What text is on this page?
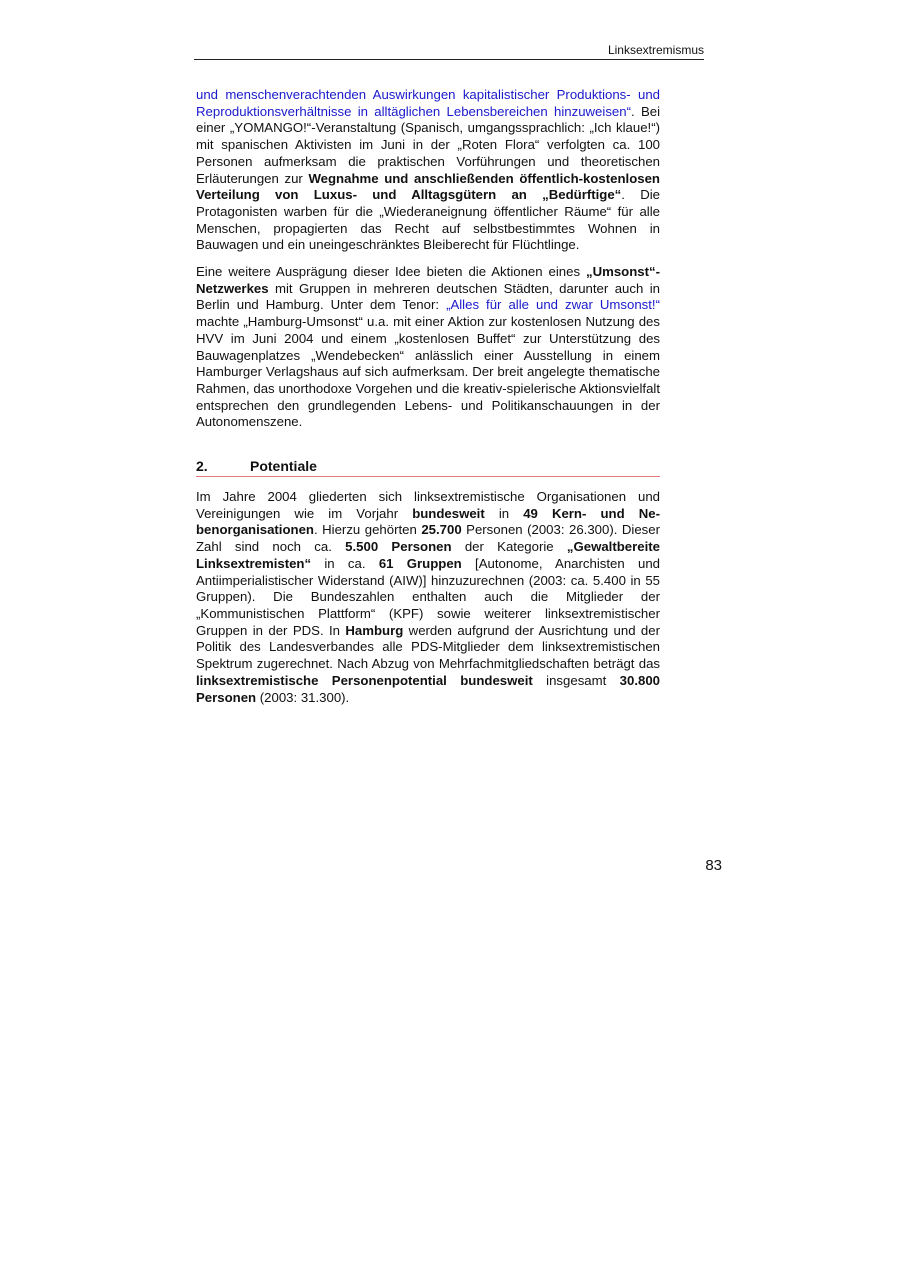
Linksextremismus

und menschenverachtenden Auswirkungen kapitalistischer Produktions- und Reproduktionsverhältnisse in alltäglichen Lebensbereichen hinzuweisen“. Bei einer „YOMANGO!“-Veranstaltung (Spanisch, umgangssprachlich: „Ich klaue!“) mit spanischen Aktivisten im Juni in der „Roten Flora“ verfolgten ca. 100 Personen aufmerksam die praktischen Vorführungen und theoretischen Erläuterungen zur Wegnahme und anschließenden öffentlich-kostenlosen Verteilung von Luxus- und Alltagsgütern an „Bedürftige“. Die Protagonisten warben für die „Wiederaneignung öffentlicher Räume“ für alle Menschen, propagierten das Recht auf selbstbestimmtes Wohnen in Bauwagen und ein uneingeschränktes Bleiberecht für Flüchtlinge.

Eine weitere Ausprägung dieser Idee bieten die Aktionen eines „Umsonst“-Netzwerkes mit Gruppen in mehreren deutschen Städten, darunter auch in Berlin und Hamburg. Unter dem Tenor: „Alles für alle und zwar Umsonst!“ machte „Hamburg-Umsonst“ u.a. mit einer Aktion zur kostenlosen Nutzung des HVV im Juni 2004 und einem „kostenlosen Buffet“ zur Unterstützung des Bauwagenplatzes „Wendebecken“ anlässlich einer Ausstellung in einem Hamburger Verlagshaus auf sich aufmerksam. Der breit angelegte thematische Rahmen, das unorthodoxe Vorgehen und die kreativ-spielerische Aktionsvielfalt entsprechen den grundlegenden Lebens- und Politikanschauungen in der Autonomenszene.

2.	Potentiale

Im Jahre 2004 gliederten sich linksextremistische Organisationen und Vereinigungen wie im Vorjahr bundesweit in 49 Kern- und Nebenorganisationen. Hierzu gehörten 25.700 Personen (2003: 26.300). Dieser Zahl sind noch ca. 5.500 Personen der Kategorie „Gewaltbereite Linksextremisten“ in ca. 61 Gruppen [Autonome, Anarchisten und Antiimperialistischer Widerstand (AIW)] hinzuzurechnen (2003: ca. 5.400 in 55 Gruppen). Die Bundeszahlen enthalten auch die Mitglieder der „Kommunistischen Plattform“ (KPF) sowie weiterer linksextremistischer Gruppen in der PDS. In Hamburg werden aufgrund der Ausrichtung und der Politik des Landesverbandes alle PDS-Mitglieder dem linksextremistischen Spektrum zugerechnet. Nach Abzug von Mehrfachmitgliedschaften beträgt das linksextremistische Personenpotential bundesweit insgesamt 30.800 Personen (2003: 31.300).

83
